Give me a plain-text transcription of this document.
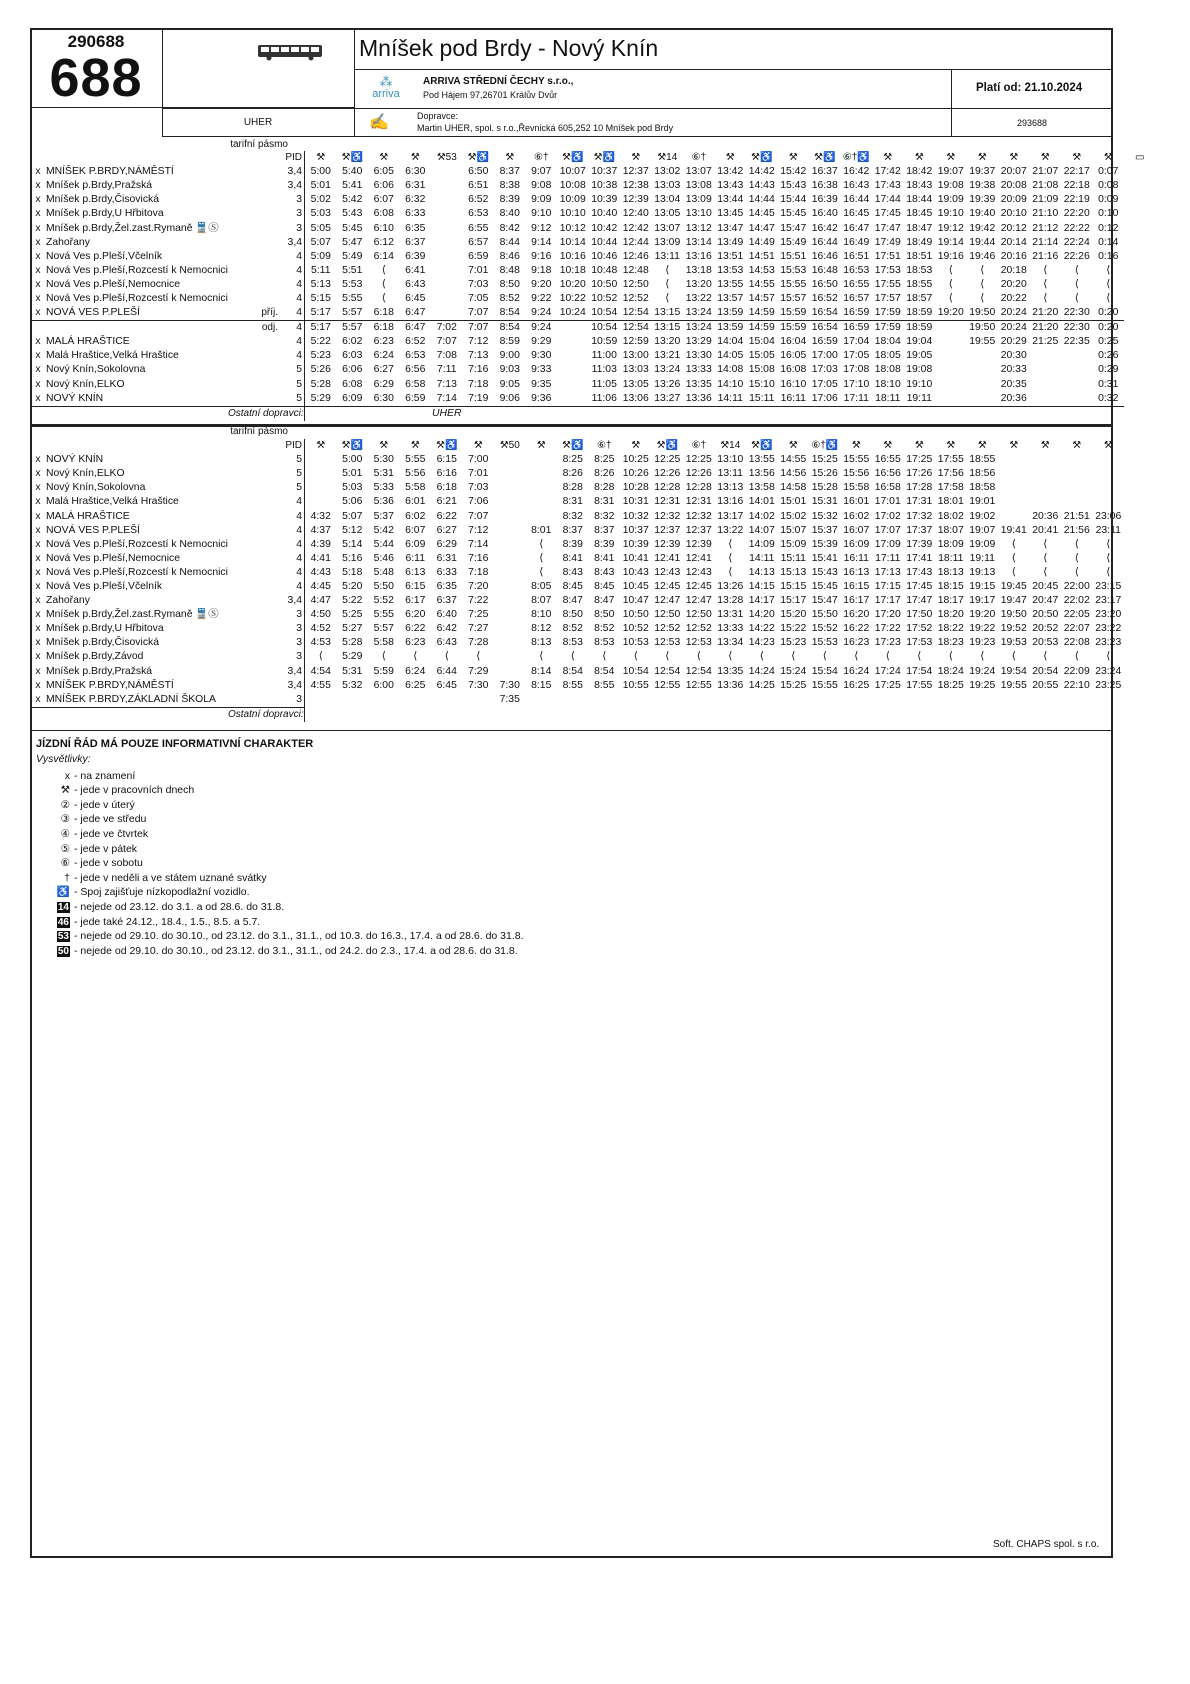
290688
688	Mníšek pod Brdy - Nový Knín
⁂
arriva
ARRIVA STŘEDNÍ ČECHY s.r.o.,
Pod Hájem 97,26701 Králův Dvůr
Platí od: 21.10.2024
UHER	✍	Dopravce:
Martin UHER, spol. s r.o.,Řevnická 605,252 10 Mníšek pod Brdy	293688
tarifní pásmo
			PID	⚒	⚒♿	⚒	⚒	⚒53	⚒♿	⚒	⑥†	⚒♿	⚒♿	⚒	⚒14	⑥†	⚒	⚒♿	⚒	⚒♿	⑥†♿	⚒	⚒	⚒	⚒	⚒	⚒	⚒	⚒	▭
x	MNÍŠEK P.BRDY,NÁMĚSTÍ		3,4	5:00	5:40	6:05	6:30		6:50	8:37	9:07	10:07	10:37	12:37	13:02	13:07	13:42	14:42	15:42	16:37	16:42	17:42	18:42	19:07	19:37	20:07	21:07	22:17	0:07	
x	Mníšek p.Brdy,Pražská		3,4	5:01	5:41	6:06	6:31		6:51	8:38	9:08	10:08	10:38	12:38	13:03	13:08	13:43	14:43	15:43	16:38	16:43	17:43	18:43	19:08	19:38	20:08	21:08	22:18	0:08	
x	Mníšek p.Brdy,Čisovická		3	5:02	5:42	6:07	6:32		6:52	8:39	9:09	10:09	10:39	12:39	13:04	13:09	13:44	14:44	15:44	16:39	16:44	17:44	18:44	19:09	19:39	20:09	21:09	22:19	0:09	
x	Mníšek p.Brdy,U Hřbitova		3	5:03	5:43	6:08	6:33		6:53	8:40	9:10	10:10	10:40	12:40	13:05	13:10	13:45	14:45	15:45	16:40	16:45	17:45	18:45	19:10	19:40	20:10	21:10	22:20	0:10	
x	Mníšek p.Brdy,Žel.zast.Rymaně 🚆Ⓢ		3	5:05	5:45	6:10	6:35		6:55	8:42	9:12	10:12	10:42	12:42	13:07	13:12	13:47	14:47	15:47	16:42	16:47	17:47	18:47	19:12	19:42	20:12	21:12	22:22	0:12	
x	Zahořany		3,4	5:07	5:47	6:12	6:37		6:57	8:44	9:14	10:14	10:44	12:44	13:09	13:14	13:49	14:49	15:49	16:44	16:49	17:49	18:49	19:14	19:44	20:14	21:14	22:24	0:14	
x	Nová Ves p.Pleší,Včelník		4	5:09	5:49	6:14	6:39		6:59	8:46	9:16	10:16	10:46	12:46	13:11	13:16	13:51	14:51	15:51	16:46	16:51	17:51	18:51	19:16	19:46	20:16	21:16	22:26	0:16	
x	Nová Ves p.Pleší,Rozcestí k Nemocnici		4	5:11	5:51	⟨	6:41		7:01	8:48	9:18	10:18	10:48	12:48	⟨	13:18	13:53	14:53	15:53	16:48	16:53	17:53	18:53	⟨	⟨	20:18	⟨	⟨	⟨	
x	Nová Ves p.Pleší,Nemocnice		4	5:13	5:53	⟨	6:43		7:03	8:50	9:20	10:20	10:50	12:50	⟨	13:20	13:55	14:55	15:55	16:50	16:55	17:55	18:55	⟨	⟨	20:20	⟨	⟨	⟨	
x	Nová Ves p.Pleší,Rozcestí k Nemocnici		4	5:15	5:55	⟨	6:45		7:05	8:52	9:22	10:22	10:52	12:52	⟨	13:22	13:57	14:57	15:57	16:52	16:57	17:57	18:57	⟨	⟨	20:22	⟨	⟨	⟨	
x	NOVÁ VES P.PLEŠÍ	příj.	4	5:17	5:57	6:18	6:47		7:07	8:54	9:24	10:24	10:54	12:54	13:15	13:24	13:59	14:59	15:59	16:54	16:59	17:59	18:59	19:20	19:50	20:24	21:20	22:30	0:20	
		odj.	4	5:17	5:57	6:18	6:47	7:02	7:07	8:54	9:24		10:54	12:54	13:15	13:24	13:59	14:59	15:59	16:54	16:59	17:59	18:59		19:50	20:24	21:20	22:30	0:20	
x	MALÁ HRAŠTICE		4	5:22	6:02	6:23	6:52	7:07	7:12	8:59	9:29		10:59	12:59	13:20	13:29	14:04	15:04	16:04	16:59	17:04	18:04	19:04		19:55	20:29	21:25	22:35	0:25	
x	Malá Hraštice,Velká Hraštice		4	5:23	6:03	6:24	6:53	7:08	7:13	9:00	9:30		11:00	13:00	13:21	13:30	14:05	15:05	16:05	17:00	17:05	18:05	19:05			20:30			0:26	
x	Nový Knín,Sokolovna		5	5:26	6:06	6:27	6:56	7:11	7:16	9:03	9:33		11:03	13:03	13:24	13:33	14:08	15:08	16:08	17:03	17:08	18:08	19:08			20:33			0:29	
x	Nový Knín,ELKO		5	5:28	6:08	6:29	6:58	7:13	7:18	9:05	9:35		11:05	13:05	13:26	13:35	14:10	15:10	16:10	17:05	17:10	18:10	19:10			20:35			0:31	
x	NOVÝ KNÍN		5	5:29	6:09	6:30	6:59	7:14	7:19	9:06	9:36		11:06	13:06	13:27	13:36	14:11	15:11	16:11	17:06	17:11	18:11	19:11			20:36			0:32	
		Ostatní dopravci:						UHER																						
tarifní pásmo
			PID	⚒	⚒♿	⚒	⚒	⚒♿	⚒	⚒50	⚒	⚒♿	⑥†	⚒	⚒♿	⑥†	⚒14	⚒♿	⚒	⑥†♿	⚒	⚒	⚒	⚒	⚒	⚒	⚒	⚒	⚒
x	NOVÝ KNÍN		5		5:00	5:30	5:55	6:15	7:00			8:25	8:25	10:25	12:25	12:25	13:10	13:55	14:55	15:25	15:55	16:55	17:25	17:55	18:55				
x	Nový Knín,ELKO		5		5:01	5:31	5:56	6:16	7:01			8:26	8:26	10:26	12:26	12:26	13:11	13:56	14:56	15:26	15:56	16:56	17:26	17:56	18:56				
x	Nový Knín,Sokolovna		5		5:03	5:33	5:58	6:18	7:03			8:28	8:28	10:28	12:28	12:28	13:13	13:58	14:58	15:28	15:58	16:58	17:28	17:58	18:58				
x	Malá Hraštice,Velká Hraštice		4		5:06	5:36	6:01	6:21	7:06			8:31	8:31	10:31	12:31	12:31	13:16	14:01	15:01	15:31	16:01	17:01	17:31	18:01	19:01				
x	MALÁ HRAŠTICE		4	4:32	5:07	5:37	6:02	6:22	7:07			8:32	8:32	10:32	12:32	12:32	13:17	14:02	15:02	15:32	16:02	17:02	17:32	18:02	19:02		20:36	21:51	23:06
x	NOVÁ VES P.PLEŠÍ		4	4:37	5:12	5:42	6:07	6:27	7:12		8:01	8:37	8:37	10:37	12:37	12:37	13:22	14:07	15:07	15:37	16:07	17:07	17:37	18:07	19:07	19:41	20:41	21:56	23:11
x	Nová Ves p.Pleší,Rozcestí k Nemocnici		4	4:39	5:14	5:44	6:09	6:29	7:14		⟨	8:39	8:39	10:39	12:39	12:39	⟨	14:09	15:09	15:39	16:09	17:09	17:39	18:09	19:09	⟨	⟨	⟨	⟨
x	Nová Ves p.Pleší,Nemocnice		4	4:41	5:16	5:46	6:11	6:31	7:16		⟨	8:41	8:41	10:41	12:41	12:41	⟨	14:11	15:11	15:41	16:11	17:11	17:41	18:11	19:11	⟨	⟨	⟨	⟨
x	Nová Ves p.Pleší,Rozcestí k Nemocnici		4	4:43	5:18	5:48	6:13	6:33	7:18		⟨	8:43	8:43	10:43	12:43	12:43	⟨	14:13	15:13	15:43	16:13	17:13	17:43	18:13	19:13	⟨	⟨	⟨	⟨
x	Nová Ves p.Pleší,Včelník		4	4:45	5:20	5:50	6:15	6:35	7:20		8:05	8:45	8:45	10:45	12:45	12:45	13:26	14:15	15:15	15:45	16:15	17:15	17:45	18:15	19:15	19:45	20:45	22:00	23:15
x	Zahořany		3,4	4:47	5:22	5:52	6:17	6:37	7:22		8:07	8:47	8:47	10:47	12:47	12:47	13:28	14:17	15:17	15:47	16:17	17:17	17:47	18:17	19:17	19:47	20:47	22:02	23:17
x	Mníšek p.Brdy,Žel.zast.Rymaně 🚆Ⓢ		3	4:50	5:25	5:55	6:20	6:40	7:25		8:10	8:50	8:50	10:50	12:50	12:50	13:31	14:20	15:20	15:50	16:20	17:20	17:50	18:20	19:20	19:50	20:50	22:05	23:20
x	Mníšek p.Brdy,U Hřbitova		3	4:52	5:27	5:57	6:22	6:42	7:27		8:12	8:52	8:52	10:52	12:52	12:52	13:33	14:22	15:22	15:52	16:22	17:22	17:52	18:22	19:22	19:52	20:52	22:07	23:22
x	Mníšek p.Brdy,Čisovická		3	4:53	5:28	5:58	6:23	6:43	7:28		8:13	8:53	8:53	10:53	12:53	12:53	13:34	14:23	15:23	15:53	16:23	17:23	17:53	18:23	19:23	19:53	20:53	22:08	23:23
x	Mníšek p.Brdy,Závod		3	⟨	5:29	⟨	⟨	⟨	⟨		⟨	⟨	⟨	⟨	⟨	⟨	⟨	⟨	⟨	⟨	⟨	⟨	⟨	⟨	⟨	⟨	⟨	⟨	⟨
x	Mníšek p.Brdy,Pražská		3,4	4:54	5:31	5:59	6:24	6:44	7:29		8:14	8:54	8:54	10:54	12:54	12:54	13:35	14:24	15:24	15:54	16:24	17:24	17:54	18:24	19:24	19:54	20:54	22:09	23:24
x	MNÍŠEK P.BRDY,NÁMĚSTÍ		3,4	4:55	5:32	6:00	6:25	6:45	7:30	7:30	8:15	8:55	8:55	10:55	12:55	12:55	13:36	14:25	15:25	15:55	16:25	17:25	17:55	18:25	19:25	19:55	20:55	22:10	23:25
x	MNÍŠEK P.BRDY,ZÁKLADNÍ ŠKOLA		3							7:35																			
		Ostatní dopravci:																											
JÍZDNÍ ŘÁD MÁ POUZE INFORMATIVNÍ CHARAKTER
Vysvětlivky:
x - na znamení
⚒ - jede v pracovních dnech
② - jede v úterý
③ - jede ve středu
④ - jede ve čtvrtek
⑤ - jede v pátek
⑥ - jede v sobotu
† - jede v neděli a ve státem uznané svátky
♿ - Spoj zajišťuje nízkopodlažní vozidlo.
14 - nejede od 23.12. do 3.1. a od 28.6. do 31.8.
46 - jede také 24.12., 18.4., 1.5., 8.5. a 5.7.
53 - nejede od 29.10. do 30.10., od 23.12. do 3.1., 31.1., od 10.3. do 16.3., 17.4. a od 28.6. do 31.8.
50 - nejede od 29.10. do 30.10., od 23.12. do 3.1., 31.1., od 24.2. do 2.3., 17.4. a od 28.6. do 31.8.
Soft. CHAPS spol. s r.o.
